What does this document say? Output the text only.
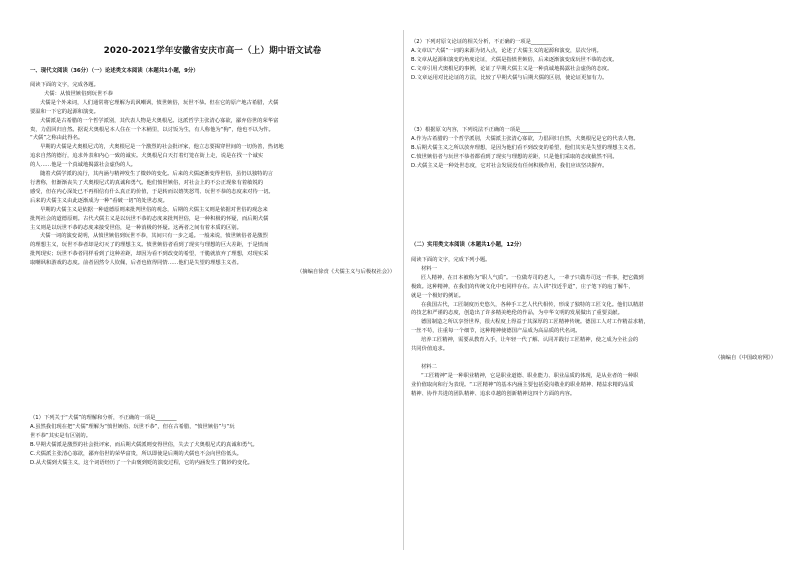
2020-2021学年安徽省安庆市高一（上）期中语文试卷
一、现代文阅读（36分）（一）论述类文本阅读（本题共1小题，9分）

阅读下面的文字，完成各题。

犬儒：从愤世嫉俗到玩世不恭

犬儒是个外来词，人们通常将它理解为讥讽嘲讽，愤世嫉俗，玩世不恭。但在它的原产地古希腊，犬儒

要温和一下它的起源和演变。

犬儒派是古希腊的一个哲学派别，其代表人物是犬奥根尼。这派哲学主张清心寡欲，鄙弃俗世的荣华富

贵，力倡回归自然。据说犬奥根尼本人住在一个木桶里，以讨饭为生，有人称他为“狗”，他也不以为忤。

“犬儒”之称由此得名。

早期的犬儒是犬奥根尼式的，犬奥根尼是一个激烈的社会批评家，他立志要揭穿世间的一切伪善，热切地

追求自然的德行，追求外表和内心一致的诚实。犬奥根尼白天打着灯笼在街上走，说是在找一个诚实

的人……他是一个真诚地揭露社会虚伪的人。

随着犬儒学派的流行，其内涵与精神发生了微妙的变化。后来的犬儒逐渐变得世俗，虽仍以独特的言

行著称，但渐渐丧失了犬奥根尼式的真诚和勇气。他们愤世嫉俗，对社会上的不公正现象有着敏锐的

感受，但在内心深处已不再相信有什么真正的价值，于是转而以嬉笑怒骂、玩世不恭的态度来对待一切。

后来的犬儒主义由此逐渐成为一种“看破一切”的处世态度。

早期的犬儒主义是依据一种道德原则来批判世俗的观念，后期的犬儒主义则是依据对世俗的观念来

批判社会的道德原则。古代犬儒主义是以玩世不恭的态度来批判世俗，是一种积极的怀疑，而后期犬儒

主义则是以玩世不恭的态度来接受世俗，是一种消极的怀疑。这两者之间有着本质的区别。

犬儒一词的演变说明，从愤世嫉俗到玩世不恭，其间只有一步之遥。一般来说，愤世嫉俗者是激烈

的理想主义，玩世不恭者却是幻灭了的理想主义。愤世嫉俗者看到了现实与理想的巨大差距，于是愤而

批判现实；玩世不恭者同样看到了这种差距，却因为看不到改变的希望，干脆就放弃了理想，对现实采

取嘲讽和游戏的态度。前者固然令人钦佩，后者也值得同情……他们是失望的理想主义者。

（摘编自徐贲《犬儒主义与后极权社会》）

（1）下列关于“犬儒”的理解和分析，不正确的一项是________

A.虽然我们现在把“犬儒”理解为“愤世嫉俗、玩世不恭”，但在古希腊，“愤世嫉俗”与“玩

世不恭”其实是有区别的。

B.早期犬儒派是激烈的社会批评家，而后期犬儒派则变得世俗，失去了犬奥根尼式的真诚和勇气。

C.犬儒派主张清心寡欲，鄙弃俗世的荣华富贵，所以即使是后期的犬儒也不会向世俗低头。

D.从犬儒到犬儒主义，这个词语经历了一个由褒到贬的演变过程，它的内涵发生了微妙的变化。

（2）下列对原文论证的相关分析，不正确的一项是________

A.文章以“犬儒”一词的来源为切入点，论述了犬儒主义的起源和演变，层次分明。

B.文章从起源和演变的角度论证，犬儒是指愤世嫉俗，后来逐渐演变成玩世不恭的态度。

C.文章引用犬奥根尼的事例，论证了早期犬儒主义是一种真诚地揭露社会虚伪的态度。

D.文章运用对比论证的方法，比较了早期犬儒与后期犬儒的区别，使论证更加有力。

（3）根据原文内容，下列说法不正确的一项是________

A.作为古希腊的一个哲学派别，犬儒派主张清心寡欲，力倡回归自然，犬奥根尼是它的代表人物。

B.后期犬儒主义之所以放弃理想，是因为他们看不到改变的希望，他们其实是失望的理想主义者。

C.愤世嫉俗者与玩世不恭者都看到了现实与理想的差距，只是他们采取的态度截然不同。

D.犬儒主义是一种处世态度，它对社会发展没有任何积极作用，我们应该坚决摒弃。

（二）实用类文本阅读（本题共1小题，12分）

阅读下面的文字，完成下列小题。

材料一

匠人精神，在日本被称为“职人气质”。一位做寿司的老人，一辈子只做寿司这一件事，把它做到

极致。这种精神，在我们的传统文化中也同样存在。古人讲“技近乎道”，庄子笔下的庖丁解牛，

就是一个极好的例证。

在我国古代，工匠制度历史悠久，各种手工艺人代代相传，形成了独特的工匠文化。他们以精湛

的技艺和严谨的态度，创造出了许多精美绝伦的作品，为中华文明的发展做出了重要贡献。

德国制造之所以享誉世界，很大程度上得益于其深厚的工匠精神传统。德国工人对工作精益求精，

一丝不苟，注重每一个细节，这种精神使德国产品成为高品质的代名词。

培养工匠精神，需要从教育入手，让年轻一代了解、认同并践行工匠精神，使之成为全社会的

共同价值追求。

（摘编自《中国政府网》）

材料二

“工匠精神”是一种职业精神，它是职业道德、职业能力、职业品质的体现，是从业者的一种职

业价值取向和行为表现。“工匠精神”的基本内涵主要包括爱岗敬业的职业精神、精益求精的品质

精神、协作共进的团队精神、追求卓越的创新精神这四个方面的内容。
